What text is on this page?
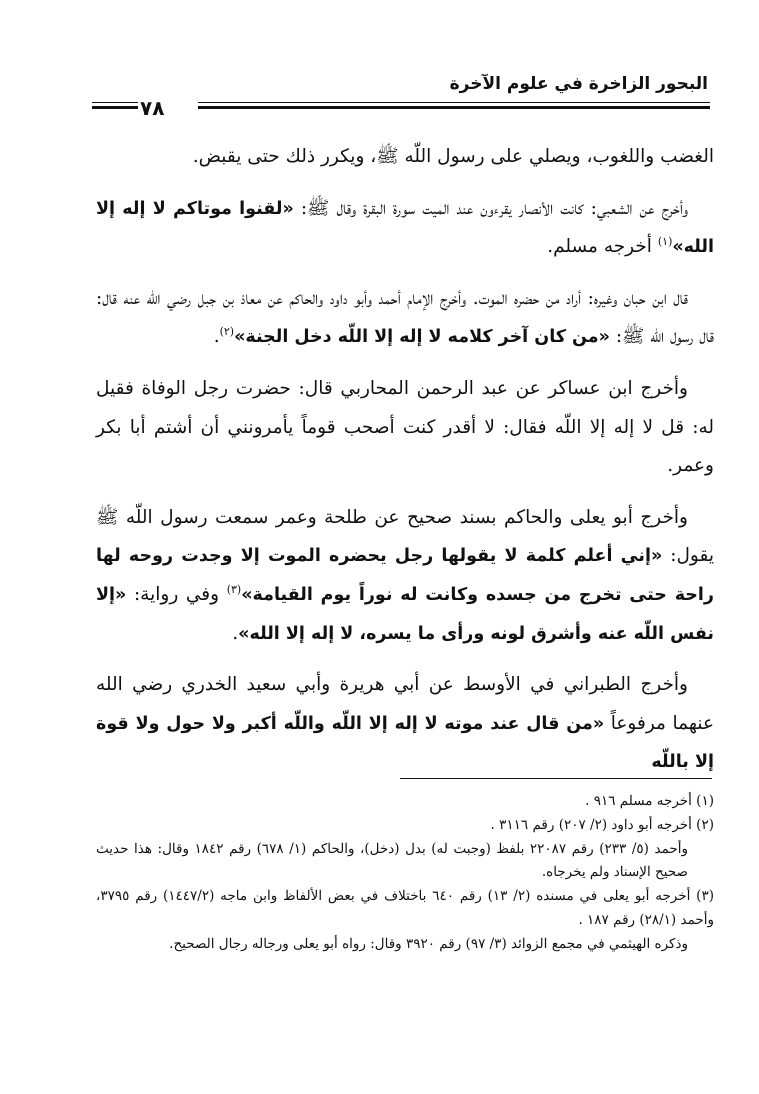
البحور الزاخرة في علوم الآخرة
٧٨

الغضب واللغوب، ويصلي على رسول اللّه ﷺ، ويكرر ذلك حتى يقبض.

وأخرج عن الشعبي: كانت الأنصار يقرءون عند الميت سورة البقرة وقال ﷺ: «لقنوا موتاكم لا إله إلا الله»$^{(١)}$ أخرجه مسلم.

قال ابن حبان وغيره: أراد من حضره الموت. وأخرج الإمام أحمد وأبو داود والحاكم عن معاذ بن جبل رضي الله عنه قال: قال رسول اللّه ﷺ: «من كان آخر كلامه لا إله إلا اللّه دخل الجنة»$^{(٢)}$.

وأخرج ابن عساكر عن عبد الرحمن المحاربي قال: حضرت رجل الوفاة فقيل له: قل لا إله إلا اللّه فقال: لا أقدر كنت أصحب قوماً يأمرونني أن أشتم أبا بكر وعمر.

وأخرج أبو يعلى والحاكم بسند صحيح عن طلحة وعمر سمعت رسول اللّه ﷺ يقول: «إني أعلم كلمة لا يقولها رجل يحضره الموت إلا وجدت روحه لها راحة حتى تخرج من جسده وكانت له نوراً يوم القيامة»$^{(٣)}$ وفي رواية: «إلا نفس اللّه عنه وأشرق لونه ورأى ما يسره، لا إله إلا الله».

وأخرج الطبراني في الأوسط عن أبي هريرة وأبي سعيد الخدري رضي الله عنهما مرفوعاً «من قال عند موته لا إله إلا اللّه واللّه أكبر ولا حول ولا قوة إلا باللّه

(١) أخرجه مسلم ٩١٦ .

(٢) أخرجه أبو داود (٢/ ٢٠٧) رقم ٣١١٦ .

وأحمد (٥/ ٢٣٣) رقم ٢٢٠٨٧ بلفظ (وجبت له) بدل (دخل)، والحاكم (١/ ٦٧٨) رقم ١٨٤٢ وقال: هذا حديث صحيح الإسناد ولم يخرجاه.

(٣) أخرجه أبو يعلى في مسنده (٢/ ١٣) رقم ٦٤٠ باختلاف في بعض الألفاظ وابن ماجه (١٤٤٧/٢) رقم ٣٧٩٥، وأحمد (٢٨/١) رقم ١٨٧ .

وذكره الهيثمي في مجمع الزوائد (٣/ ٩٧) رقم ٣٩٢٠ وقال: رواه أبو يعلى ورجاله رجال الصحيح.
